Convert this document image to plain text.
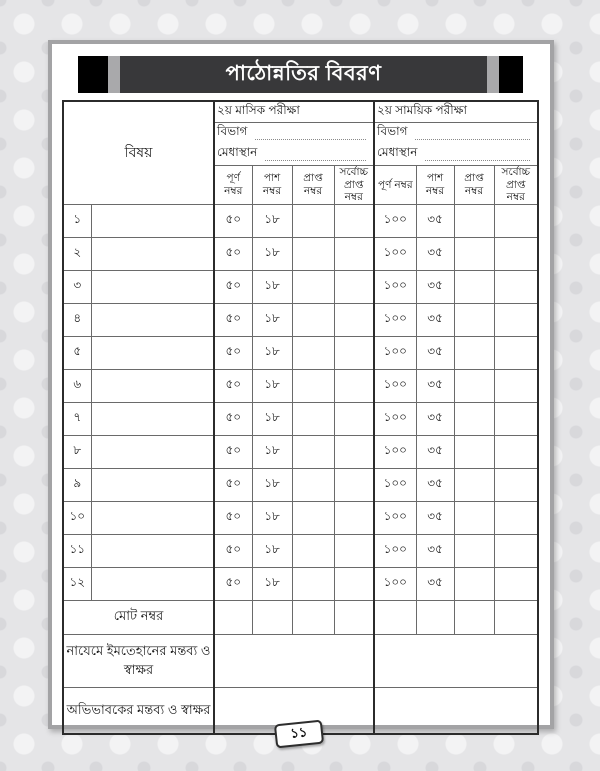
পাঠোন্নতির বিবরণ
বিষয়		২য় মাসিক পরীক্ষা				২য় সাময়িক পরীক্ষা			

		বিভাগ				বিভাগ			

		মেধাস্থান				মেধাস্থান			

		পূর্ণ নম্বর	পাশ নম্বর	প্রাপ্ত নম্বর	সর্বোচ্চ প্রাপ্ত নম্বর	পূর্ণ নম্বর	পাশ নম্বর	প্রাপ্ত নম্বর	সর্বোচ্চ প্রাপ্ত নম্বর
১		৫০	১৮			১০০	৩৫		
২		৫০	১৮			১০০	৩৫		
৩		৫০	১৮			১০০	৩৫		
৪		৫০	১৮			১০০	৩৫		
৫		৫০	১৮			১০০	৩৫		
৬		৫০	১৮			১০০	৩৫		
৭		৫০	১৮			১০০	৩৫		
৮		৫০	১৮			১০০	৩৫		
৯		৫০	১৮			১০০	৩৫		
১০		৫০	১৮			১০০	৩৫		
১১		৫০	১৮			১০০	৩৫		
১২		৫০	১৮			১০০	৩৫		
মোট নম্বর									
নাযেমে ইমতেহানের মন্তব্য ও স্বাক্ষর									
অভিভাবকের মন্তব্য ও স্বাক্ষর									
১১
